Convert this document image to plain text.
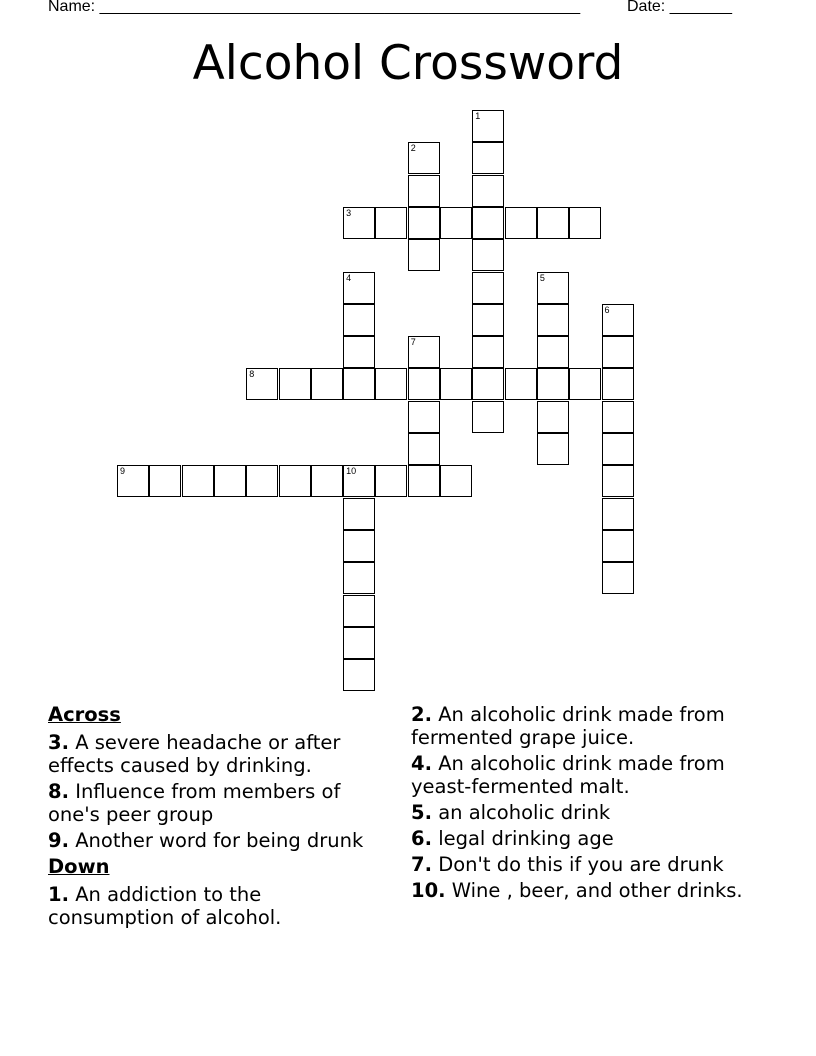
Name: ______________________________________________________	Date: _______
Alcohol Crossword
1
2
3
4	5
6
7
8
9	10
Across
3. A severe headache or after effects caused by drinking.
8. Influence from members of one's peer group
9. Another word for being drunk
Down
1. An addiction to the consumption of alcohol.
2. An alcoholic drink made from fermented grape juice.
4. An alcoholic drink made from yeast-fermented malt.
5. an alcoholic drink
6. legal drinking age
7. Don't do this if you are drunk
10. Wine , beer, and other drinks.
